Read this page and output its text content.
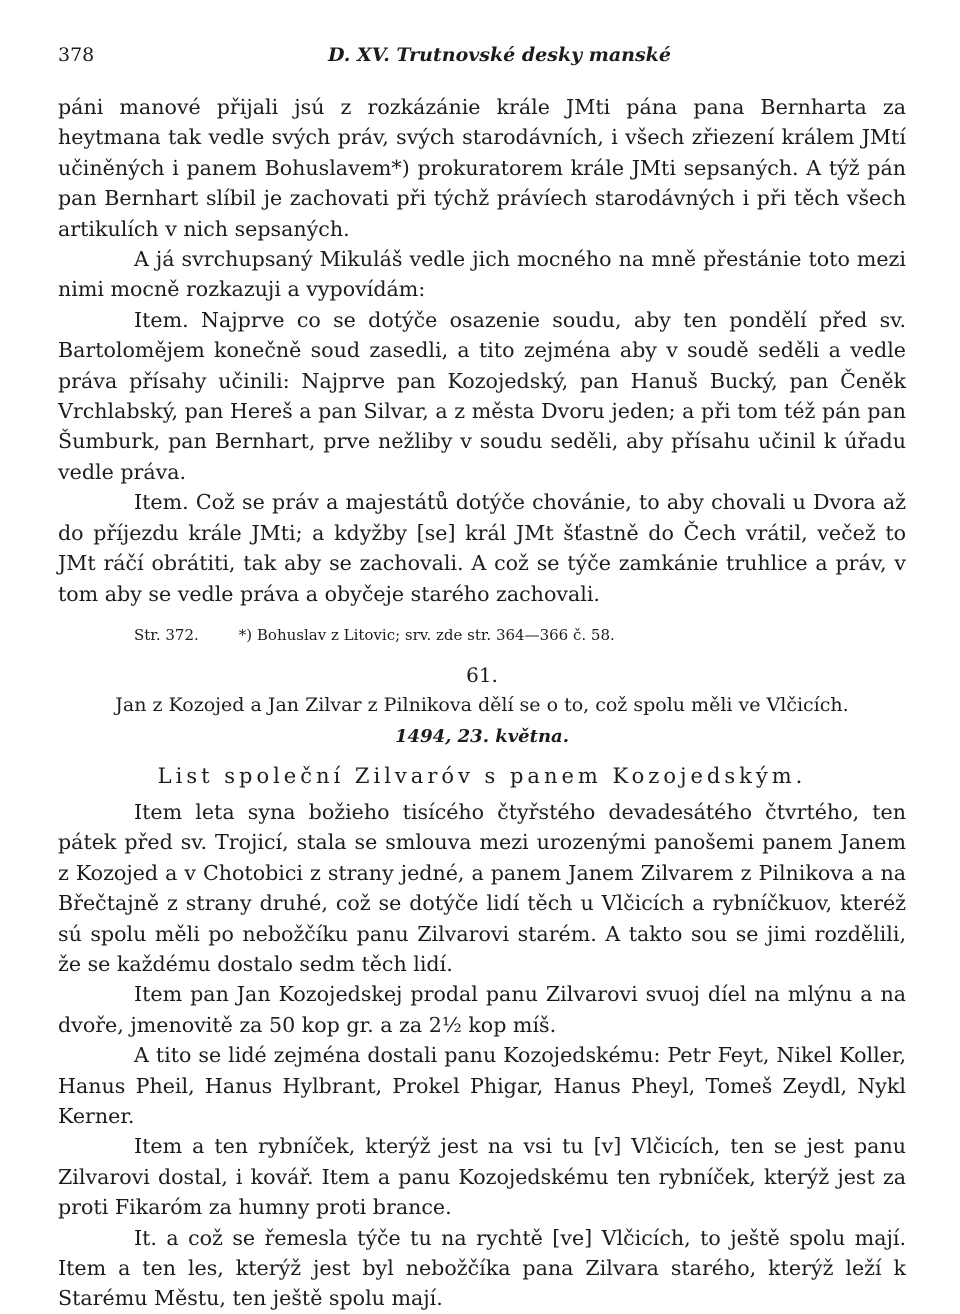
378	D. XV. Trutnovské desky manské

páni manové přijali jsú z rozkázánie krále JMti pána pana Bernharta za heytmana tak vedle svých práv, svých starodávních, i všech zřiezení králem JMtí učiněných i panem Bohuslavem*) prokuratorem krále JMti sepsaných. A týž pán pan Bernhart slíbil je zachovati při týchž právíech starodávných i při těch všech artikulích v nich sepsaných.

A já svrchupsaný Mikuláš vedle jich mocného na mně přestánie toto mezi nimi mocně rozkazuji a vypovídám:

Item. Najprve co se dotýče osazenie soudu, aby ten pondělí před sv. Bartolomějem konečně soud zasedli, a tito zejména aby v soudě seděli a vedle práva přísahy učinili: Najprve pan Kozojedský, pan Hanuš Bucký, pan Čeněk Vrchlabský, pan Hereš a pan Silvar, a z města Dvoru jeden; a při tom též pán pan Šumburk, pan Bernhart, prve nežliby v soudu seděli, aby přísahu učinil k úřadu vedle práva.

Item. Což se práv a majestátů dotýče chovánie, to aby chovali u Dvora až do příjezdu krále JMti; a kdyžby [se] král JMt šťastně do Čech vrátil, večež to JMt ráčí obrátiti, tak aby se zachovali. A což se týče zamkánie truhlice a práv, v tom aby se vedle práva a obyčeje starého zachovali.

Str. 372.	*) Bohuslav z Litovic; srv. zde str. 364—366 č. 58.
61.
Jan z Kozojed a Jan Zilvar z Pilnikova dělí se o to, což spolu měli ve Vlčicích.
1494, 23. května.
List společní Zilvaróv s panem Kozojedským.

Item leta syna božieho tisícého čtyřstého devadesátého čtvrtého, ten pátek před sv. Trojicí, stala se smlouva mezi urozenými panošemi panem Janem z Kozojed a v Chotobici z strany jedné, a panem Janem Zilvarem z Pilnikova a na Břečtajně z strany druhé, což se dotýče lidí těch u Vlčicích a rybníčkuov, kteréž sú spolu měli po nebožčíku panu Zilvarovi starém. A takto sou se jimi rozdělili, že se každému dostalo sedm těch lidí.

Item pan Jan Kozojedskej prodal panu Zilvarovi svuoj díel na mlýnu a na dvoře, jmenovitě za 50 kop gr. a za 2½ kop míš.

A tito se lidé zejména dostali panu Kozojedskému: Petr Feyt, Nikel Koller, Hanus Pheil, Hanus Hylbrant, Prokel Phigar, Hanus Pheyl, Tomeš Zeydl, Nykl Kerner.

Item a ten rybníček, kterýž jest na vsi tu [v] Vlčicích, ten se jest panu Zilvarovi dostal, i kovář. Item a panu Kozojedskému ten rybníček, kterýž jest za proti Fikaróm za humny proti brance.

It. a což se řemesla týče tu na rychtě [ve] Vlčicích, to ještě spolu mají. Item a ten les, kterýž jest byl nebožčíka pana Zilvara starého, kterýž leží k Starému Městu, ten ještě spolu mají.
